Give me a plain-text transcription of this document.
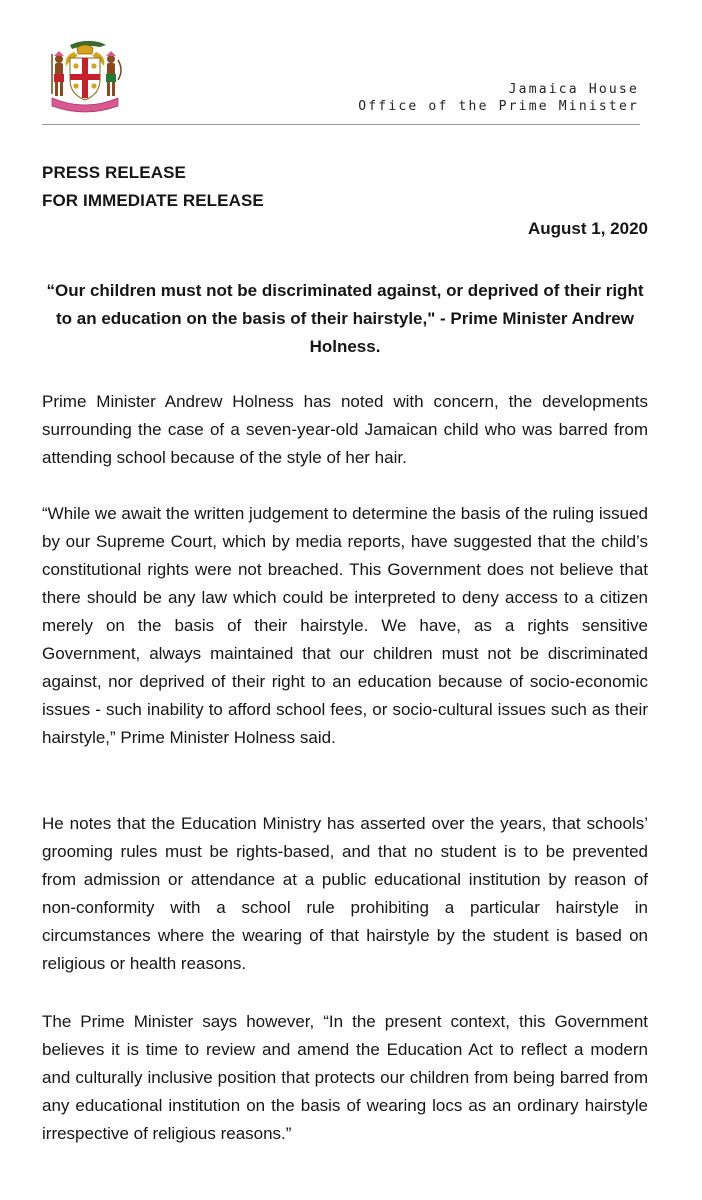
Jamaica House
Office of the Prime Minister
PRESS RELEASE
FOR IMMEDIATE RELEASE
August 1, 2020
“Our children must not be discriminated against, or deprived of their right to an education on the basis of their hairstyle," - Prime Minister Andrew Holness.

Prime Minister Andrew Holness has noted with concern, the developments surrounding the case of a seven-year-old Jamaican child who was barred from attending school because of the style of her hair.

“While we await the written judgement to determine the basis of the ruling issued by our Supreme Court, which by media reports, have suggested that the child’s constitutional rights were not breached. This Government does not believe that there should be any law which could be interpreted to deny access to a citizen merely on the basis of their hairstyle. We have, as a rights sensitive Government, always maintained that our children must not be discriminated against, nor deprived of their right to an education because of socio-economic issues - such inability to afford school fees, or socio-cultural issues such as their hairstyle,” Prime Minister Holness said.

He notes that the Education Ministry has asserted over the years, that schools’ grooming rules must be rights-based, and that no student is to be prevented from admission or attendance at a public educational institution by reason of non-conformity with a school rule prohibiting a particular hairstyle in circumstances where the wearing of that hairstyle by the student is based on religious or health reasons.

The Prime Minister says however, “In the present context, this Government believes it is time to review and amend the Education Act to reflect a modern and culturally inclusive position that protects our children from being barred from any educational institution on the basis of wearing locs as an ordinary hairstyle irrespective of religious reasons.”
